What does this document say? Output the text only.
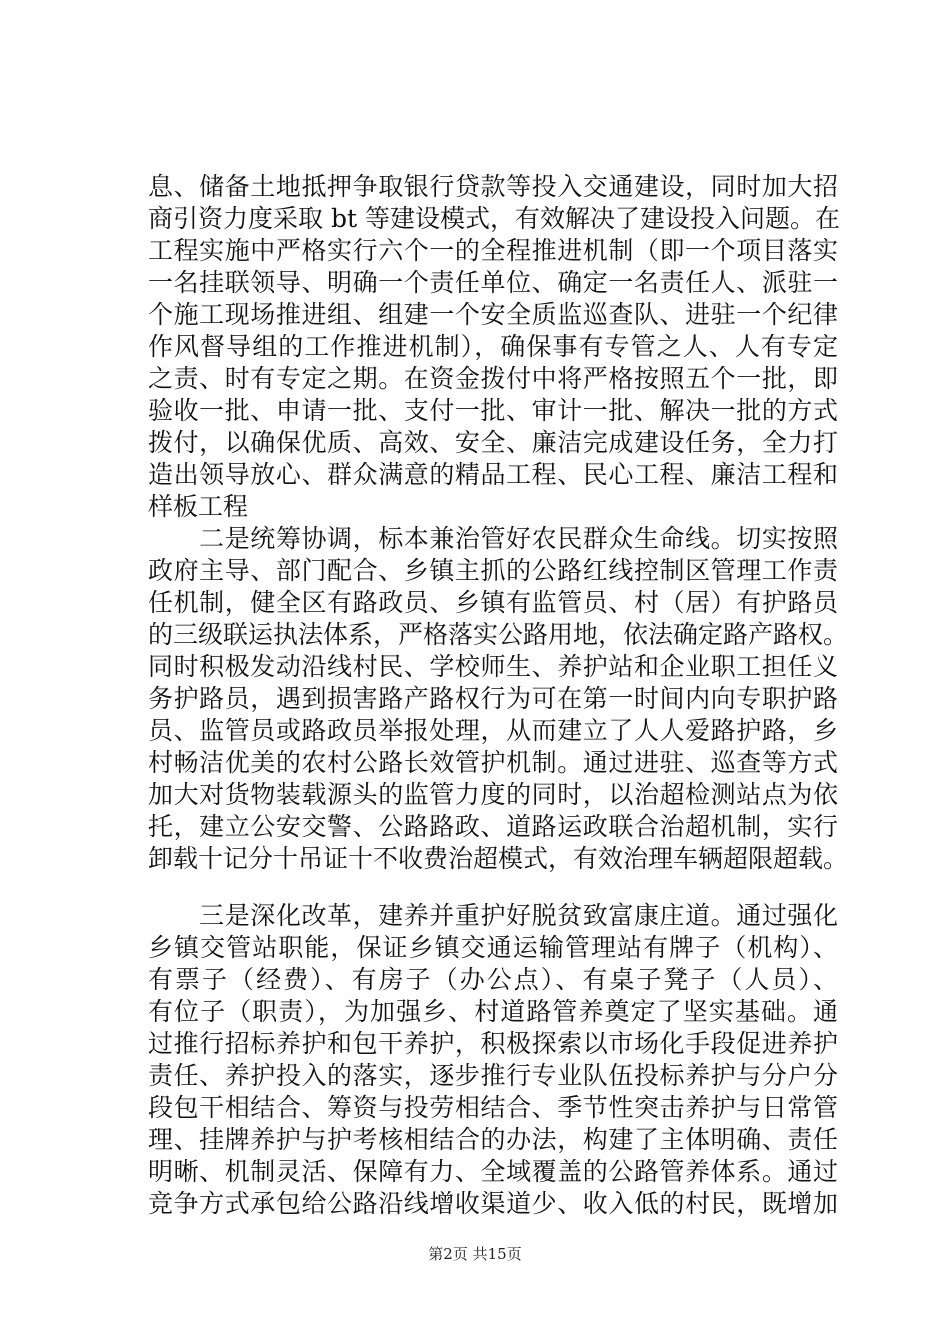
息、储备土地抵押争取银行贷款等投入交通建设，同时加大招
商引资力度采取 bt 等建设模式，有效解决了建设投入问题。在
工程实施中严格实行六个一的全程推进机制（即一个项目落实
一名挂联领导、明确一个责任单位、确定一名责任人、派驻一
个施工现场推进组、组建一个安全质监巡查队、进驻一个纪律
作风督导组的工作推进机制），确保事有专管之人、人有专定
之责、时有专定之期。在资金拨付中将严格按照五个一批，即
验收一批、申请一批、支付一批、审计一批、解决一批的方式
拨付，以确保优质、高效、安全、廉洁完成建设任务，全力打
造出领导放心、群众满意的精品工程、民心工程、廉洁工程和
样板工程
　　二是统筹协调，标本兼治管好农民群众生命线。切实按照
政府主导、部门配合、乡镇主抓的公路红线控制区管理工作责
任机制，健全区有路政员、乡镇有监管员、村（居）有护路员
的三级联运执法体系，严格落实公路用地，依法确定路产路权。
同时积极发动沿线村民、学校师生、养护站和企业职工担任义
务护路员，遇到损害路产路权行为可在第一时间内向专职护路
员、监管员或路政员举报处理，从而建立了人人爱路护路，乡
村畅洁优美的农村公路长效管护机制。通过进驻、巡查等方式
加大对货物装载源头的监管力度的同时，以治超检测站点为依
托，建立公安交警、公路路政、道路运政联合治超机制，实行
卸载十记分十吊证十不收费治超模式，有效治理车辆超限超载。
　　三是深化改革，建养并重护好脱贫致富康庄道。通过强化
乡镇交管站职能，保证乡镇交通运输管理站有牌子（机构）、
有票子（经费）、有房子（办公点）、有桌子凳子（人员）、
有位子（职责），为加强乡、村道路管养奠定了坚实基础。通
过推行招标养护和包干养护，积极探索以市场化手段促进养护
责任、养护投入的落实，逐步推行专业队伍投标养护与分户分
段包干相结合、筹资与投劳相结合、季节性突击养护与日常管
理、挂牌养护与护考核相结合的办法，构建了主体明确、责任
明晰、机制灵活、保障有力、全域覆盖的公路管养体系。通过
竞争方式承包给公路沿线增收渠道少、收入低的村民，既增加
第2页 共15页
